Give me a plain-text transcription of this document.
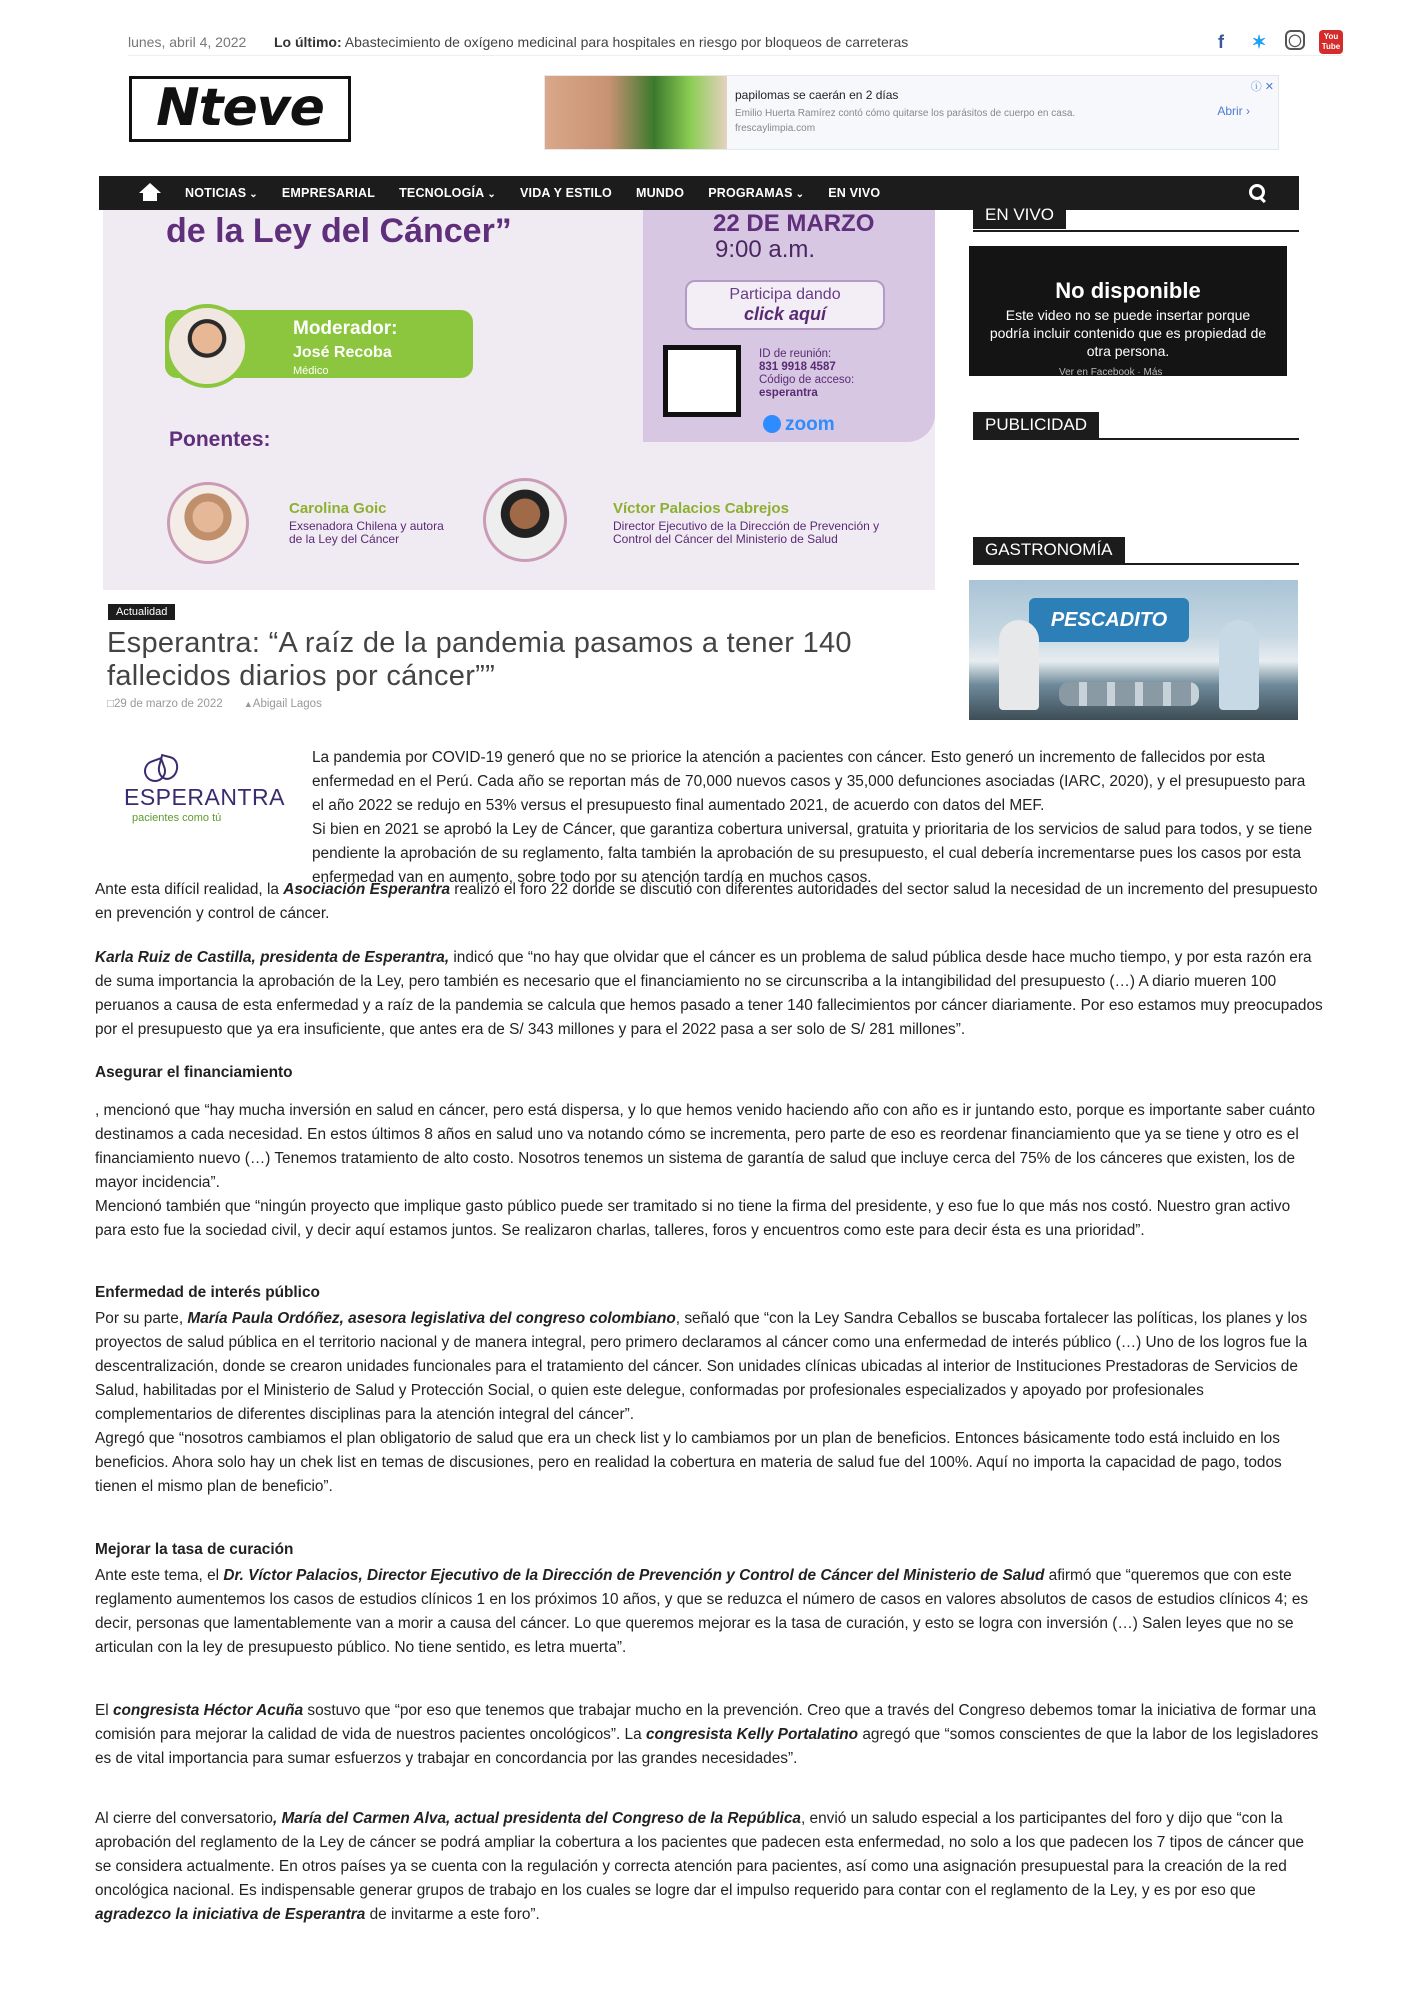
lunes, abril 4, 2022 Lo último: Abastecimiento de oxígeno medicinal para hospitales en riesgo por bloqueos de carreteras	f	✶	◯	You
Tube
Nteve	papilomas se caerán en 2 días
Emilio Huerta Ramírez contó cómo quitarse los parásitos de cuerpo en casa.
frescaylimpia.com
Abrir ›
ⓘ ✕
NOTICIAS ⌄	EMPRESARIAL TECNOLOGÍA ⌄	VIDA Y ESTILO MUNDO PROGRAMAS ⌄	EN VIVO
de la Ley del Cáncer”	22 DE MARZO
9:00 a.m.
Participa dando
click aquí
ID de reunión:
831 9918 4587
Código de acceso:
esperantra
zoom
Moderador:
José Recoba
Médico
Ponentes:
Carolina Goic
Exsenadora Chilena y autora de la Ley del Cáncer
Víctor Palacios Cabrejos
Director Ejecutivo de la Dirección de Prevención y Control del Cáncer del Ministerio de Salud
Actualidad
Esperantra: “A raíz de la pandemia pasamos a tener 140 fallecidos diarios por cáncer””
□ 29 de marzo de 2022 ▲	Abigail Lagos
EN VIVO
No disponible
Este video no se puede insertar porque podría incluir contenido que es propiedad de otra persona.
Ver en Facebook · Más
PUBLICIDAD
GASTRONOMÍA
PESCADITO
ESPERANTRA
pacientes como tú

La pandemia por COVID-19 generó que no se priorice la atención a pacientes con cáncer. Esto generó un incremento de fallecidos por esta enfermedad en el Perú. Cada año se reportan más de 70,000 nuevos casos y 35,000 defunciones asociadas (IARC, 2020), y el presupuesto para el año 2022 se redujo en 53% versus el presupuesto final aumentado 2021, de acuerdo con datos del MEF.

Si bien en 2021 se aprobó la Ley de Cáncer, que garantiza cobertura universal, gratuita y prioritaria de los servicios de salud para todos, y se tiene pendiente la aprobación de su reglamento, falta también la aprobación de su presupuesto, el cual debería incrementarse pues los casos por esta enfermedad van en aumento, sobre todo por su atención tardía en muchos casos.

Ante esta difícil realidad, la Asociación Esperantra realizó el foro 22 donde se discutió con diferentes autoridades del sector salud la necesidad de un incremento del presupuesto en prevención y control de cáncer.

Karla Ruiz de Castilla, presidenta de Esperantra, indicó que “no hay que olvidar que el cáncer es un problema de salud pública desde hace mucho tiempo, y por esta razón era de suma importancia la aprobación de la Ley, pero también es necesario que el financiamiento no se circunscriba a la intangibilidad del presupuesto (…) A diario mueren 100 peruanos a causa de esta enfermedad y a raíz de la pandemia se calcula que hemos pasado a tener 140 fallecimientos por cáncer diariamente. Por eso estamos muy preocupados por el presupuesto que ya era insuficiente, que antes era de S/ 343 millones y para el 2022 pasa a ser solo de S/ 281 millones”.

Asegurar el financiamiento

, mencionó que “hay mucha inversión en salud en cáncer, pero está dispersa, y lo que hemos venido haciendo año con año es ir juntando esto, porque es importante saber cuánto destinamos a cada necesidad. En estos últimos 8 años en salud uno va notando cómo se incrementa, pero parte de eso es reordenar financiamiento que ya se tiene y otro es el financiamiento nuevo (…) Tenemos tratamiento de alto costo. Nosotros tenemos un sistema de garantía de salud que incluye cerca del 75% de los cánceres que existen, los de mayor incidencia”.

Mencionó también que “ningún proyecto que implique gasto público puede ser tramitado si no tiene la firma del presidente, y eso fue lo que más nos costó. Nuestro gran activo para esto fue la sociedad civil, y decir aquí estamos juntos. Se realizaron charlas, talleres, foros y encuentros como este para decir ésta es una prioridad”.

Enfermedad de interés público

Por su parte, María Paula Ordóñez, asesora legislativa del congreso colombiano, señaló que “con la Ley Sandra Ceballos se buscaba fortalecer las políticas, los planes y los proyectos de salud pública en el territorio nacional y de manera integral, pero primero declaramos al cáncer como una enfermedad de interés público (…) Uno de los logros fue la descentralización, donde se crearon unidades funcionales para el tratamiento del cáncer. Son unidades clínicas ubicadas al interior de Instituciones Prestadoras de Servicios de Salud, habilitadas por el Ministerio de Salud y Protección Social, o quien este delegue, conformadas por profesionales especializados y apoyado por profesionales complementarios de diferentes disciplinas para la atención integral del cáncer”.

Agregó que “nosotros cambiamos el plan obligatorio de salud que era un check list y lo cambiamos por un plan de beneficios. Entonces básicamente todo está incluido en los beneficios. Ahora solo hay un chek list en temas de discusiones, pero en realidad la cobertura en materia de salud fue del 100%. Aquí no importa la capacidad de pago, todos tienen el mismo plan de beneficio”.

Mejorar la tasa de curación

Ante este tema, el Dr. Víctor Palacios, Director Ejecutivo de la Dirección de Prevención y Control de Cáncer del Ministerio de Salud afirmó que “queremos que con este reglamento aumentemos los casos de estudios clínicos 1 en los próximos 10 años, y que se reduzca el número de casos en valores absolutos de casos de estudios clínicos 4; es decir, personas que lamentablemente van a morir a causa del cáncer. Lo que queremos mejorar es la tasa de curación, y esto se logra con inversión (…) Salen leyes que no se articulan con la ley de presupuesto público. No tiene sentido, es letra muerta”.

El congresista Héctor Acuña sostuvo que “por eso que tenemos que trabajar mucho en la prevención. Creo que a través del Congreso debemos tomar la iniciativa de formar una comisión para mejorar la calidad de vida de nuestros pacientes oncológicos”. La congresista Kelly Portalatino agregó que “somos conscientes de que la labor de los legisladores es de vital importancia para sumar esfuerzos y trabajar en concordancia por las grandes necesidades”.

Al cierre del conversatorio, María del Carmen Alva, actual presidenta del Congreso de la República, envió un saludo especial a los participantes del foro y dijo que “con la aprobación del reglamento de la Ley de cáncer se podrá ampliar la cobertura a los pacientes que padecen esta enfermedad, no solo a los que padecen los 7 tipos de cáncer que se considera actualmente. En otros países ya se cuenta con la regulación y correcta atención para pacientes, así como una asignación presupuestal para la creación de la red oncológica nacional. Es indispensable generar grupos de trabajo en los cuales se logre dar el impulso requerido para contar con el reglamento de la Ley, y es por eso que agradezco la iniciativa de Esperantra de invitarme a este foro”.
